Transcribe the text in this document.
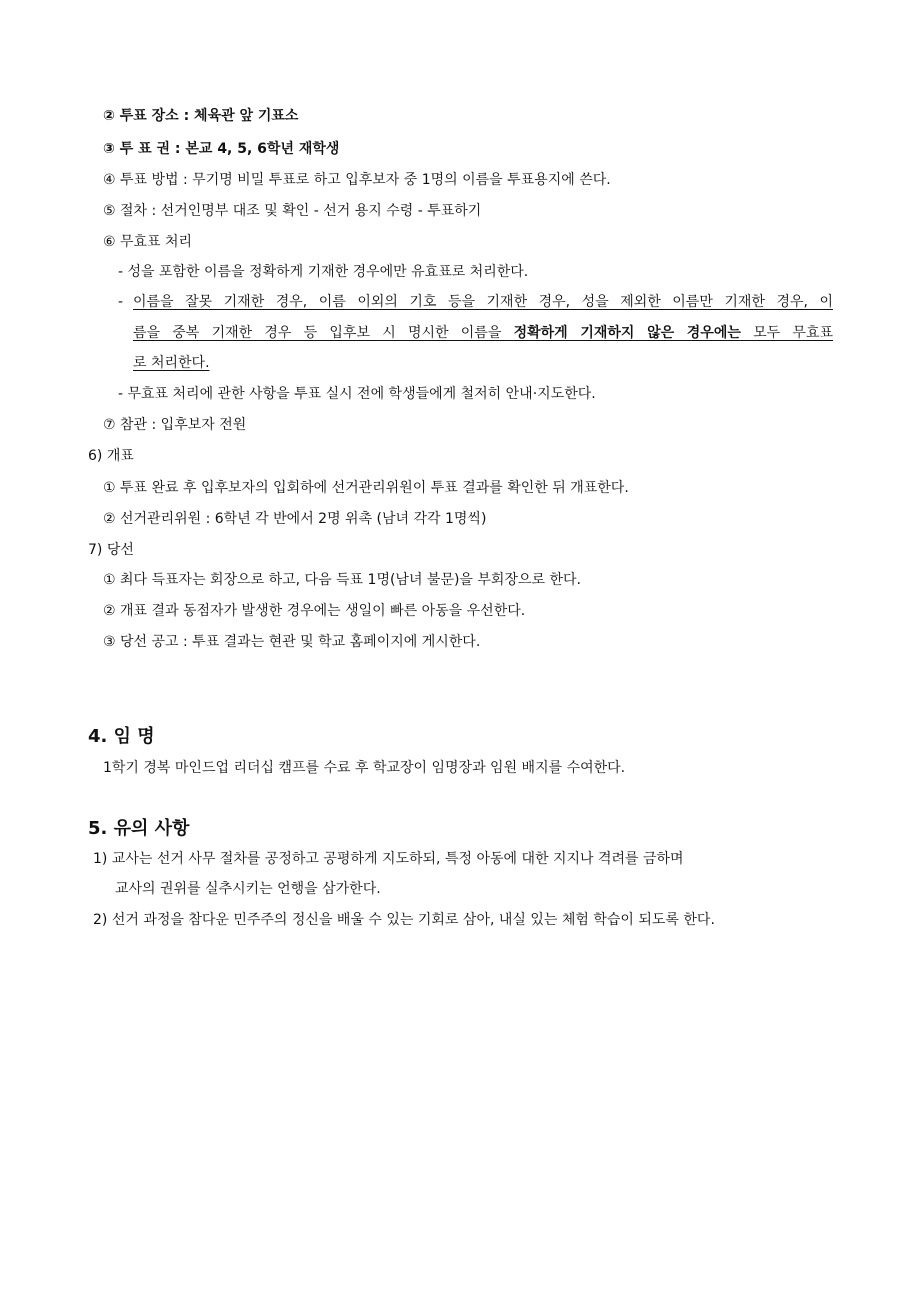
② 투표 장소 : 체육관 앞 기표소
③ 투 표 권 : 본교 4, 5, 6학년 재학생
④ 투표 방법 : 무기명 비밀 투표로 하고 입후보자 중 1명의 이름을 투표용지에 쓴다.
⑤ 절차 : 선거인명부 대조 및 확인 - 선거 용지 수령 - 투표하기
⑥ 무효표 처리
- 성을 포함한 이름을 정확하게 기재한 경우에만 유효표로 처리한다.
- 이름을 잘못 기재한 경우, 이름 이외의 기호 등을 기재한 경우, 성을 제외한 이름만 기재한 경우, 이
름을 중복 기재한 경우 등 입후보 시 명시한 이름을 정확하게 기재하지 않은 경우에는 모두 무효표
로 처리한다.
- 무효표 처리에 관한 사항을 투표 실시 전에 학생들에게 철저히 안내·지도한다.
⑦ 참관 : 입후보자 전원
6) 개표
① 투표 완료 후 입후보자의 입회하에 선거관리위원이 투표 결과를 확인한 뒤 개표한다.
② 선거관리위원 : 6학년 각 반에서 2명 위촉 (남녀 각각 1명씩)
7) 당선
① 최다 득표자는 회장으로 하고, 다음 득표 1명(남녀 불문)을 부회장으로 한다.
② 개표 결과 동점자가 발생한 경우에는 생일이 빠른 아동을 우선한다.
③ 당선 공고 : 투표 결과는 현관 및 학교 홈페이지에 게시한다.
4. 임 명
1학기 경복 마인드업 리더십 캠프를 수료 후 학교장이 임명장과 임원 배지를 수여한다.
5. 유의 사항
1) 교사는 선거 사무 절차를 공정하고 공평하게 지도하되, 특정 아동에 대한 지지나 격려를 금하며
교사의 권위를 실추시키는 언행을 삼가한다.
2) 선거 과정을 참다운 민주주의 정신을 배울 수 있는 기회로 삼아, 내실 있는 체험 학습이 되도록 한다.
